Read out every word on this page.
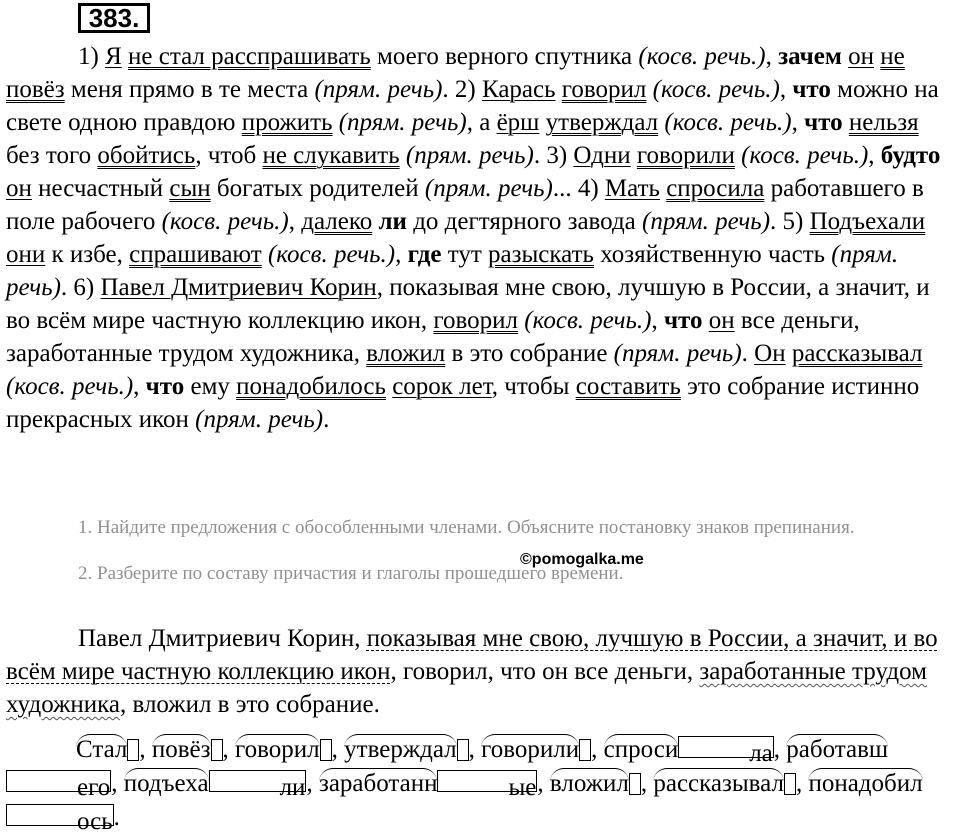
383.

1) Я не стал расспрашивать моего верного спутника (косв. речь.), зачем он не повёз меня прямо в те места (прям. речь). 2) Карась говорил (косв. речь.), что можно на свете одною правдою прожить (прям. речь), а ёрш утверждал (косв. речь.), что нельзя без того обойтись, чтоб не слукавить (прям. речь). 3) Одни говорили (косв. речь.), будто он несчастный сын богатых родителей (прям. речь)... 4) Мать спросила работавшего в поле рабочего (косв. речь.), далеко ли до дегтярного завода (прям. речь). 5) Подъехали они к избе, спрашивают (косв. речь.), где тут разыскать хозяйственную часть (прям. речь). 6) Павел Дмитриевич Корин, показывая мне свою, лучшую в России, а значит, и во всём мире частную коллекцию икон, говорил (косв. речь.), что он все деньги, заработанные трудом художника, вложил в это собрание (прям. речь). Он рассказывал (косв. речь.), что ему понадобилось сорок лет, чтобы составить это собрание истинно прекрасных икон (прям. речь).

1. Найдите предложения с обособленными членами. Объясните постановку знаков препинания.

2. Разберите по составу причастия и глаголы прошедшего времени.

©pomogalka.me

Павел Дмитриевич Корин, показывая мне свою, лучшую в России, а значит, и во всём мире частную коллекцию икон, говорил, что он все деньги, заработанные трудом художника, вложил в это собрание.

Стал , повёз , говорил , утверждал , говорили , спроси	ла, работавшего, подъеха	ли, заработанн	ые, вложил , рассказывал , понадобилось.
